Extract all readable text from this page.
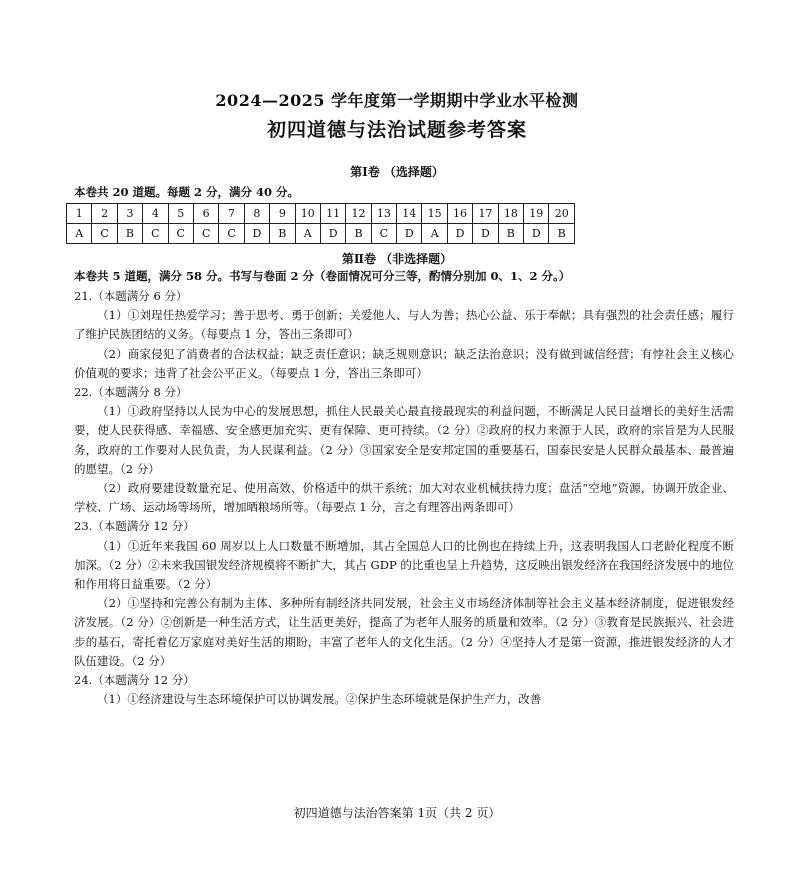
2024—2025 学年度第一学期期中学业水平检测
初四道德与法治试题参考答案
第Ⅰ卷 （选择题）
本卷共 20 道题。每题 2 分，满分 40 分。
1	2	3	4	5	6	7	8	9	10	11	12	13	14	15	16	17	18	19	20
A	C	B	C	C	C	C	D	B	A	D	B	C	D	A	D	D	B	D	B
第Ⅱ卷 （非选择题）
本卷共 5 道题，满分 58 分。书写与卷面 2 分（卷面情况可分三等，酌情分别加 0、1、2 分。）

21.（本题满分 6 分）

（1）①刘珵任热爱学习；善于思考、勇于创新；关爱他人、与人为善；热心公益、乐于奉献；具有强烈的社会责任感；履行了维护民族团结的义务。（每要点 1 分，答出三条即可）

（2）商家侵犯了消费者的合法权益；缺乏责任意识；缺乏规则意识；缺乏法治意识；没有做到诚信经营；有悖社会主义核心价值观的要求；违背了社会公平正义。（每要点 1 分，答出三条即可）

22.（本题满分 8 分）

（1）①政府坚持以人民为中心的发展思想，抓住人民最关心最直接最现实的利益问题，不断满足人民日益增长的美好生活需要，使人民获得感、幸福感、安全感更加充实、更有保障、更可持续。（2 分）②政府的权力来源于人民，政府的宗旨是为人民服务，政府的工作要对人民负责，为人民谋利益。（2 分）③国家安全是安邦定国的重要基石，国泰民安是人民群众最基本、最普遍的愿望。（2 分）

（2）政府要建设数量充足、使用高效、价格适中的烘干系统；加大对农业机械扶持力度；盘活“空地”资源，协调开放企业、学校、广场、运动场等场所，增加晒粮场所等。（每要点 1 分，言之有理答出两条即可）

23.（本题满分 12 分）

（1）①近年来我国 60 周岁以上人口数量不断增加，其占全国总人口的比例也在持续上升，这表明我国人口老龄化程度不断加深。（2 分）②未来我国银发经济规模将不断扩大，其占 GDP 的比重也呈上升趋势，这反映出银发经济在我国经济发展中的地位和作用将日益重要。（2 分）

（2）①坚持和完善公有制为主体、多种所有制经济共同发展，社会主义市场经济体制等社会主义基本经济制度，促进银发经济发展。（2 分）②创新是一种生活方式，让生活更美好，提高了为老年人服务的质量和效率。（2 分）③教育是民族振兴、社会进步的基石，寄托着亿万家庭对美好生活的期盼，丰富了老年人的文化生活。（2 分）④坚持人才是第一资源，推进银发经济的人才队伍建设。（2 分）

24.（本题满分 12 分）

（1）①经济建设与生态环境保护可以协调发展。②保护生态环境就是保护生产力，改善

初四道德与法治答案第 1页（共 2 页）
